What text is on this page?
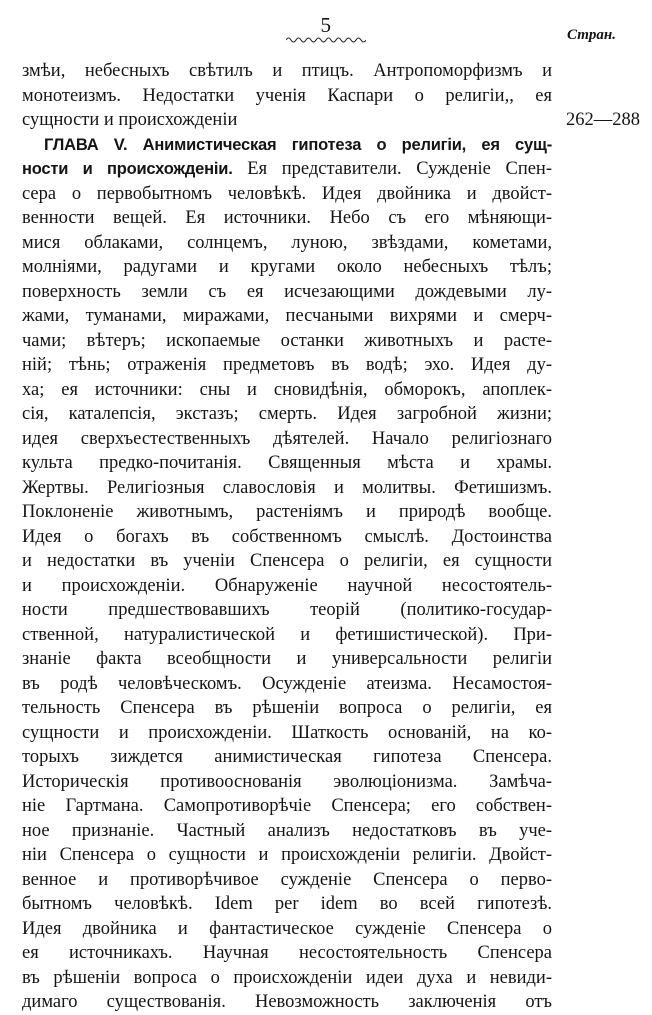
5	Стран.
262—288
змѣи, небесныхъ свѣтилъ и птицъ. Антропоморфизмъ и
монотеизмъ. Недостатки ученія Каспари о религіи,, ея
сущности и происхожденіи
ГЛАВА V. Анимистическая гипотеза о религіи, ея сущ-
ности и происхожденіи. Ея представители. Сужденіе Спен-
сера о первобытномъ человѣкѣ. Идея двойника и двойст-
венности вещей. Ея источники. Небо съ его мѣняющи-
мися облаками, солнцемъ, луною, звѣздами, кометами,
молніями, радугами и кругами около небесныхъ тѣлъ;
поверхность земли съ ея исчезающими дождевыми лу-
жами, туманами, миражами, песчаными вихрями и смерч-
чами; вѣтеръ; ископаемые останки животныхъ и расте-
ній; тѣнь; отраженія предметовъ въ водѣ; эхо. Идея ду-
ха; ея источники: сны и сновидѣнія, обморокъ, апоплек-
сія, каталепсія, экстазъ; смерть. Идея загробной жизни;
идея сверхъестественныхъ дѣятелей. Начало религіознаго
культа предко-почитанія. Священныя мѣста и храмы.
Жертвы. Религіозныя славословія и молитвы. Фетишизмъ.
Поклоненіе животнымъ, растеніямъ и природѣ вообще.
Идея о богахъ въ собственномъ смыслѣ. Достоинства
и недостатки въ ученіи Спенсера о религіи, ея сущности
и происхожденіи. Обнаруженіе научной несостоятель-
ности предшествовавшихъ теорій (политико-государ-
ственной, натуралистической и фетишистической). При-
знаніе факта всеобщности и универсальности религіи
въ родѣ человѣческомъ. Осужденіе атеизма. Несамостоя-
тельность Спенсера въ рѣшеніи вопроса о религіи, ея
сущности и происхожденіи. Шаткость основаній, на ко-
торыхъ зиждется анимистическая гипотеза Спенсера.
Историческія противооснованія эволюціонизма. Замѣча-
ніе Гартмана. Самопротиворѣчіе Спенсера; его собствен-
ное признаніе. Частный анализъ недостатковъ въ уче-
ніи Спенсера о сущности и происхожденіи религіи. Двойст-
венное и противорѣчивое сужденіе Спенсера о перво-
бытномъ человѣкѣ. Idem per idem во всей гипотезѣ.
Идея двойника и фантастическое сужденіе Спенсера о
ея источникахъ. Научная несостоятельность Спенсера
въ рѣшеніи вопроса о происхожденіи идеи духа и невиди-
димаго существованія. Невозможность заключенія отъ
